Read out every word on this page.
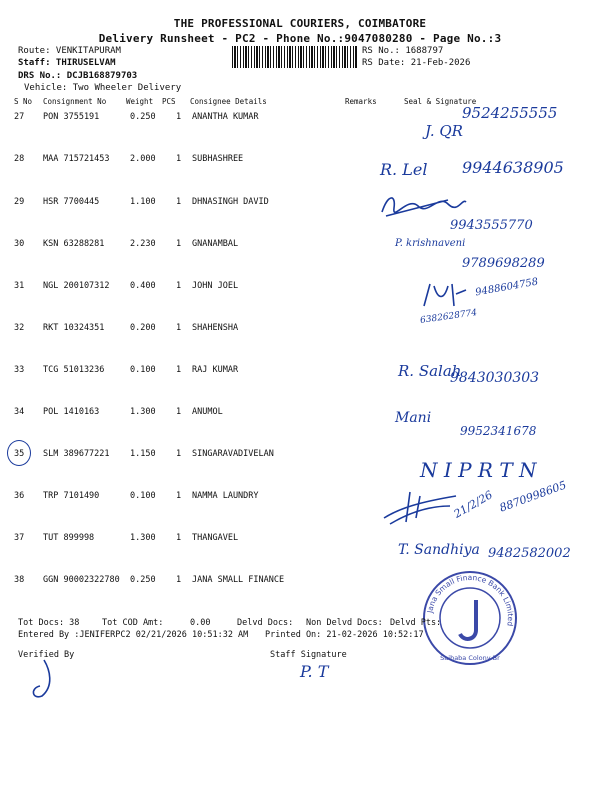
THE PROFESSIONAL COURIERS, COIMBATORE
Delivery Runsheet - PC2 - Phone No.:9047080280 - Page No.:3
Route: VENKITAPURAM
Staff: THIRUSELVAM
DRS No.: DCJB168879703
Vehicle: Two Wheeler Delivery
RS No.: 1688797
RS Date: 21-Feb-2026
S No Consignment No	Weight PCS Consignee Details	Remarks	Seal & Signature
27 PON 3755191	0.250 1 ANANTHA KUMAR
28 MAA 715721453 2.000 1 SUBHASHREE
29 HSR 7700445	1.100 1 DHNASINGH DAVID
30 KSN 63288281	2.230 1 GNANAMBAL
31 NGL 200107312 0.400 1 JOHN JOEL
32 RKT 10324351	0.200 1 SHAHENSHA
33 TCG 51013236	0.100 1 RAJ KUMAR
34 POL 1410163	1.300 1 ANUMOL
35 SLM 389677221 1.150 1 SINGARAVADIVELAN
36 TRP 7101490	0.100 1 NAMMA LAUNDRY
37 TUT 899998	1.300 1 THANGAVEL
38 GGN 90002322780 0.250 1 JANA SMALL FINANCE
J. QR
9524255555
R. Lel 9944638905
9943555770
P. krishnaveni
9789698289
9488604758
6382628774
R. Salah
9843030303
Mani
9952341678
N I P R T N
21/2/26 8870998605
T. Sandhiya 9482582002
Jana Small Finance Bank Limited
Saibaba Colony Br
Tot Docs: 38	Tot COD Amt:	0.00	Delvd Docs: Non Delvd Docs: Delvd Pts:
Entered By :JENIFERPC2 02/21/2026 10:51:32 AM Printed On: 21-02-2026 10:52:17
Verified By	Staff Signature
P. T
